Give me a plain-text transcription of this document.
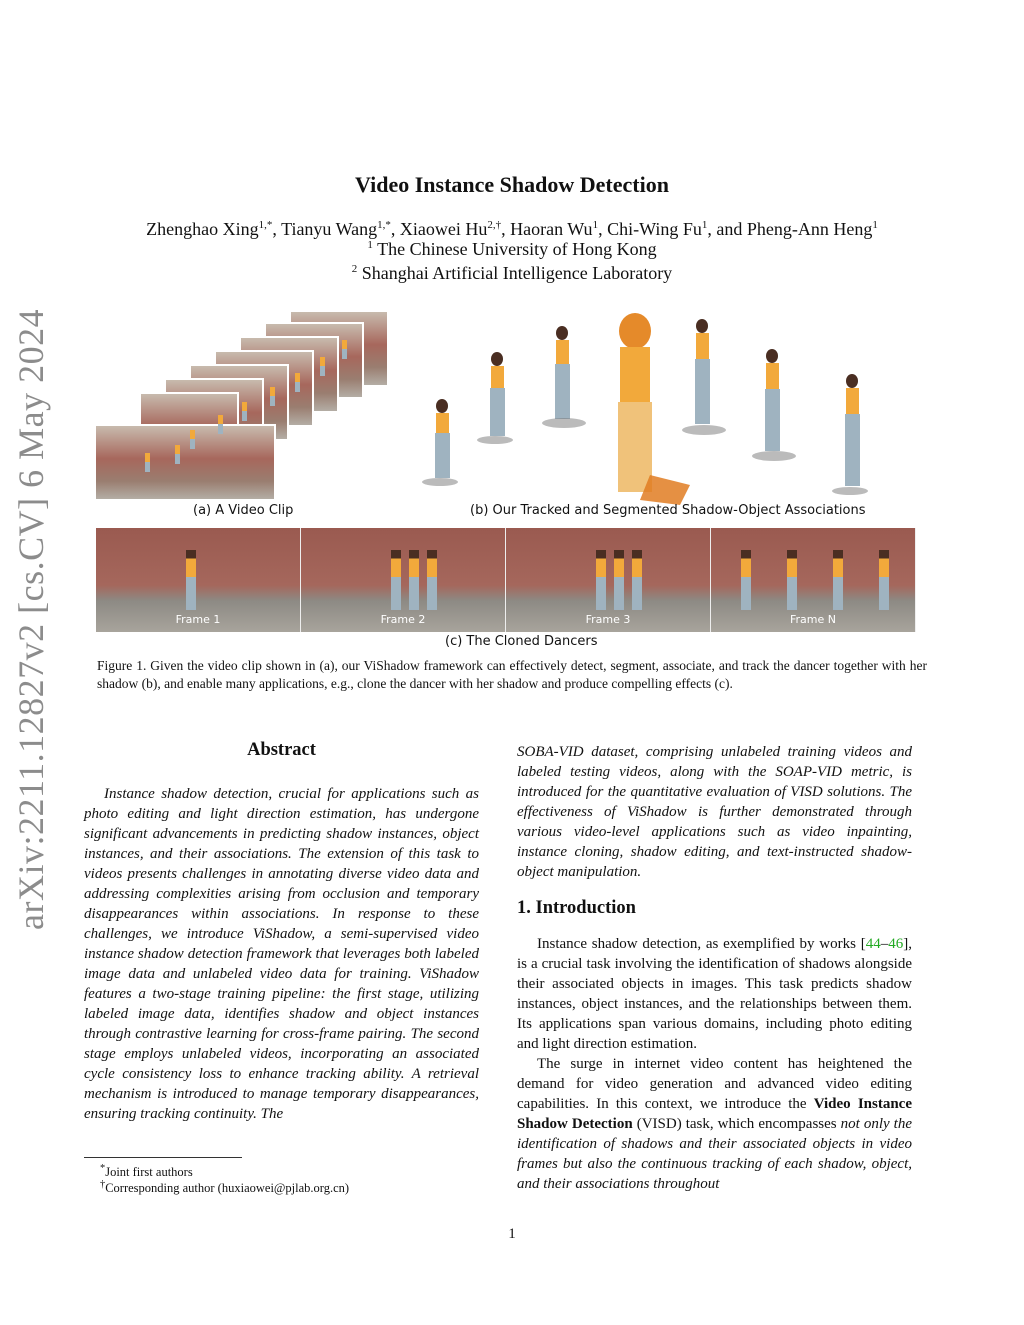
arXiv:2211.12827v2 [cs.CV] 6 May 2024
Video Instance Shadow Detection
Zhenghao Xing$^{1,*}$, Tianyu Wang$^{1,*}$, Xiaowei $Hu^{2,\dagger}$, Haoran Wu$^1$, Chi-Wing Fu$^1$, and Pheng-Ann Heng$^1$
$^1$ The Chinese University of Hong Kong
$^2$ Shanghai Artificial Intelligence Laboratory
(a) A Video Clip	(b) Our Tracked and Segmented Shadow-Object Associations
Frame 1	Frame 2	Frame 3	Frame N
(c) The Cloned Dancers
Figure 1. Given the video clip shown in (a), our ViShadow framework can effectively detect, segment, associate, and track the dancer together with her shadow (b), and enable many applications, e.g., clone the dancer with her shadow and produce compelling effects (c).
Abstract
Instance shadow detection, crucial for applications such as photo editing and light direction estimation, has undergone significant advancements in predicting shadow instances, object instances, and their associations. The extension of this task to videos presents challenges in annotating diverse video data and addressing complexities arising from occlusion and temporary disappearances within associations. In response to these challenges, we introduce ViShadow, a semi-supervised video instance shadow detection framework that leverages both labeled image data and unlabeled video data for training. ViShadow features a two-stage training pipeline: the first stage, utilizing labeled image data, identifies shadow and object instances through contrastive learning for cross-frame pairing. The second stage employs unlabeled videos, incorporating an associated cycle consistency loss to enhance tracking ability. A retrieval mechanism is introduced to manage temporary disappearances, ensuring tracking continuity. The
*Joint first authors
†Corresponding author (huxiaowei@pjlab.org.cn)
SOBA-VID dataset, comprising unlabeled training videos and labeled testing videos, along with the SOAP-VID metric, is introduced for the quantitative evaluation of VISD solutions. The effectiveness of ViShadow is further demonstrated through various video-level applications such as video inpainting, instance cloning, shadow editing, and text-instructed shadow-object manipulation.
1. Introduction
Instance shadow detection, as exemplified by works [44–46], is a crucial task involving the identification of shadows alongside their associated objects in images. This task predicts shadow instances, object instances, and the relationships between them. Its applications span various domains, including photo editing and light direction estimation.
The surge in internet video content has heightened the demand for video generation and advanced video editing capabilities. In this context, we introduce the Video Instance Shadow Detection (VISD) task, which encompasses not only the identification of shadows and their associated objects in video frames but also the continuous tracking of each shadow, object, and their associations throughout
1
